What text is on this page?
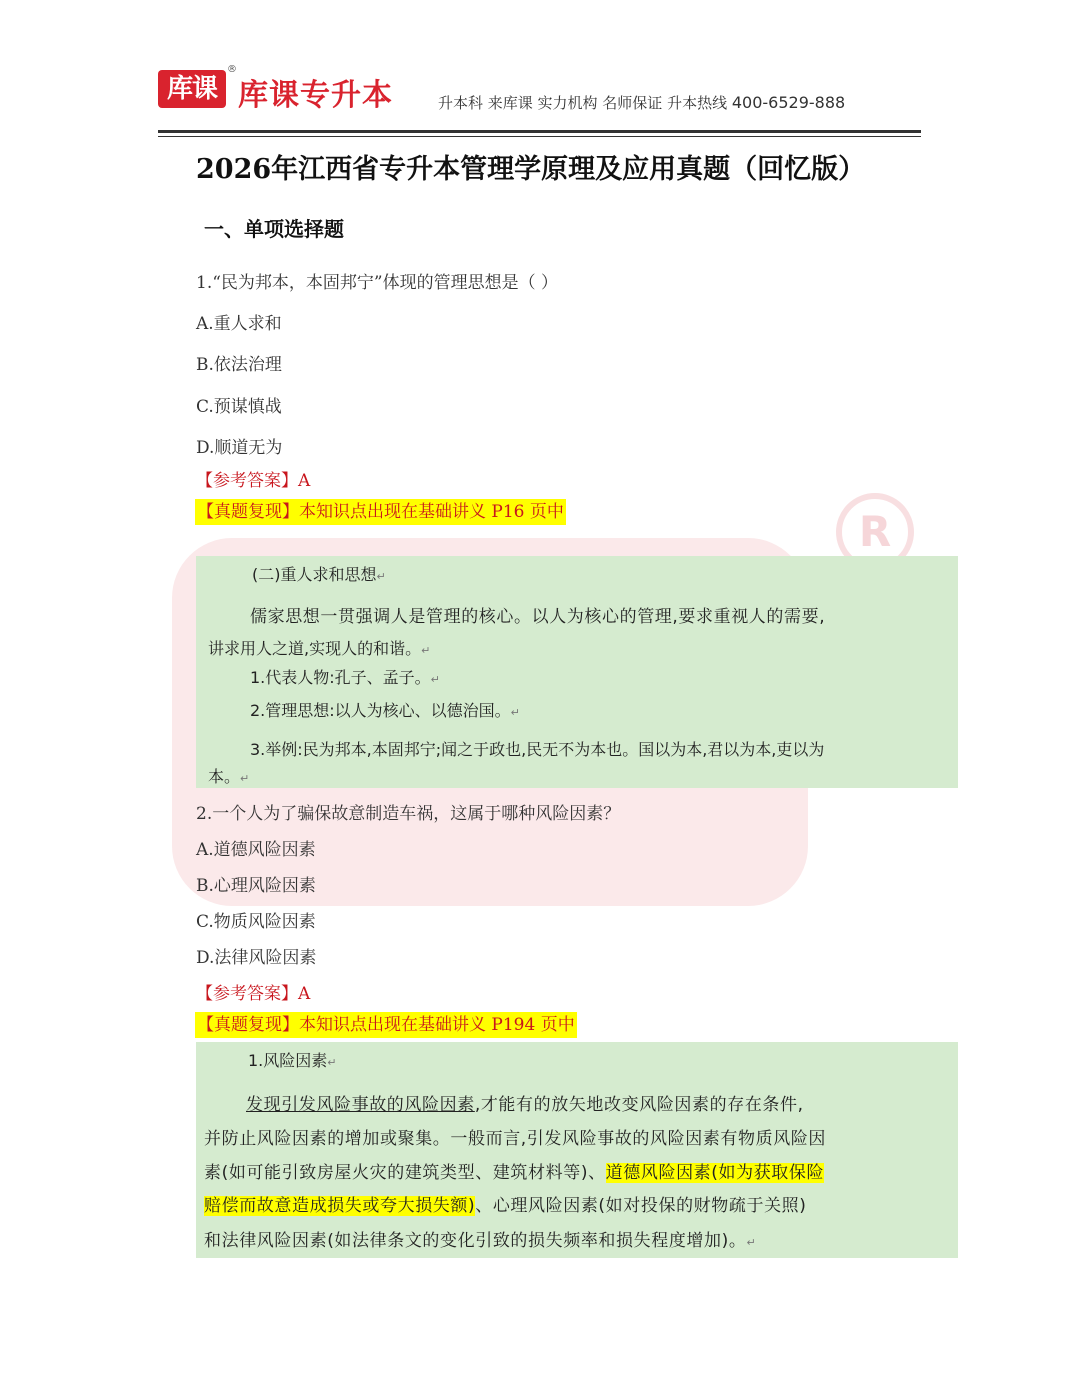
R
库课
®
库课专升本	升本科 来库课 实力机构 名师保证 升本热线 400-6529-888
2026年江西省专升本管理学原理及应用真题（回忆版）
一、单项选择题
1.“民为邦本，本固邦宁”体现的管理思想是（ ）
A.重人求和
B.依法治理
C.预谋慎战
D.顺道无为
【参考答案】A
【真题复现】本知识点出现在基础讲义 P16 页中
(二)重人求和思想↵
儒家思想一贯强调人是管理的核心。以人为核心的管理,要求重视人的需要,
讲求用人之道,实现人的和谐。↵
1.代表人物:孔子、孟子。↵
2.管理思想:以人为核心、以德治国。↵
3.举例:民为邦本,本固邦宁;闻之于政也,民无不为本也。国以为本,君以为本,吏以为
本。↵
2.一个人为了骗保故意制造车祸，这属于哪种风险因素？
A.道德风险因素
B.心理风险因素
C.物质风险因素
D.法律风险因素
【参考答案】A
【真题复现】本知识点出现在基础讲义 P194 页中
1.风险因素↵
发现引发风险事故的风险因素,才能有的放矢地改变风险因素的存在条件,
并防止风险因素的增加或聚集。一般而言,引发风险事故的风险因素有物质风险因
素(如可能引致房屋火灾的建筑类型、建筑材料等)、道德风险因素(如为获取保险
赔偿而故意造成损失或夸大损失额)、心理风险因素(如对投保的财物疏于关照)
和法律风险因素(如法律条文的变化引致的损失频率和损失程度增加)。↵
